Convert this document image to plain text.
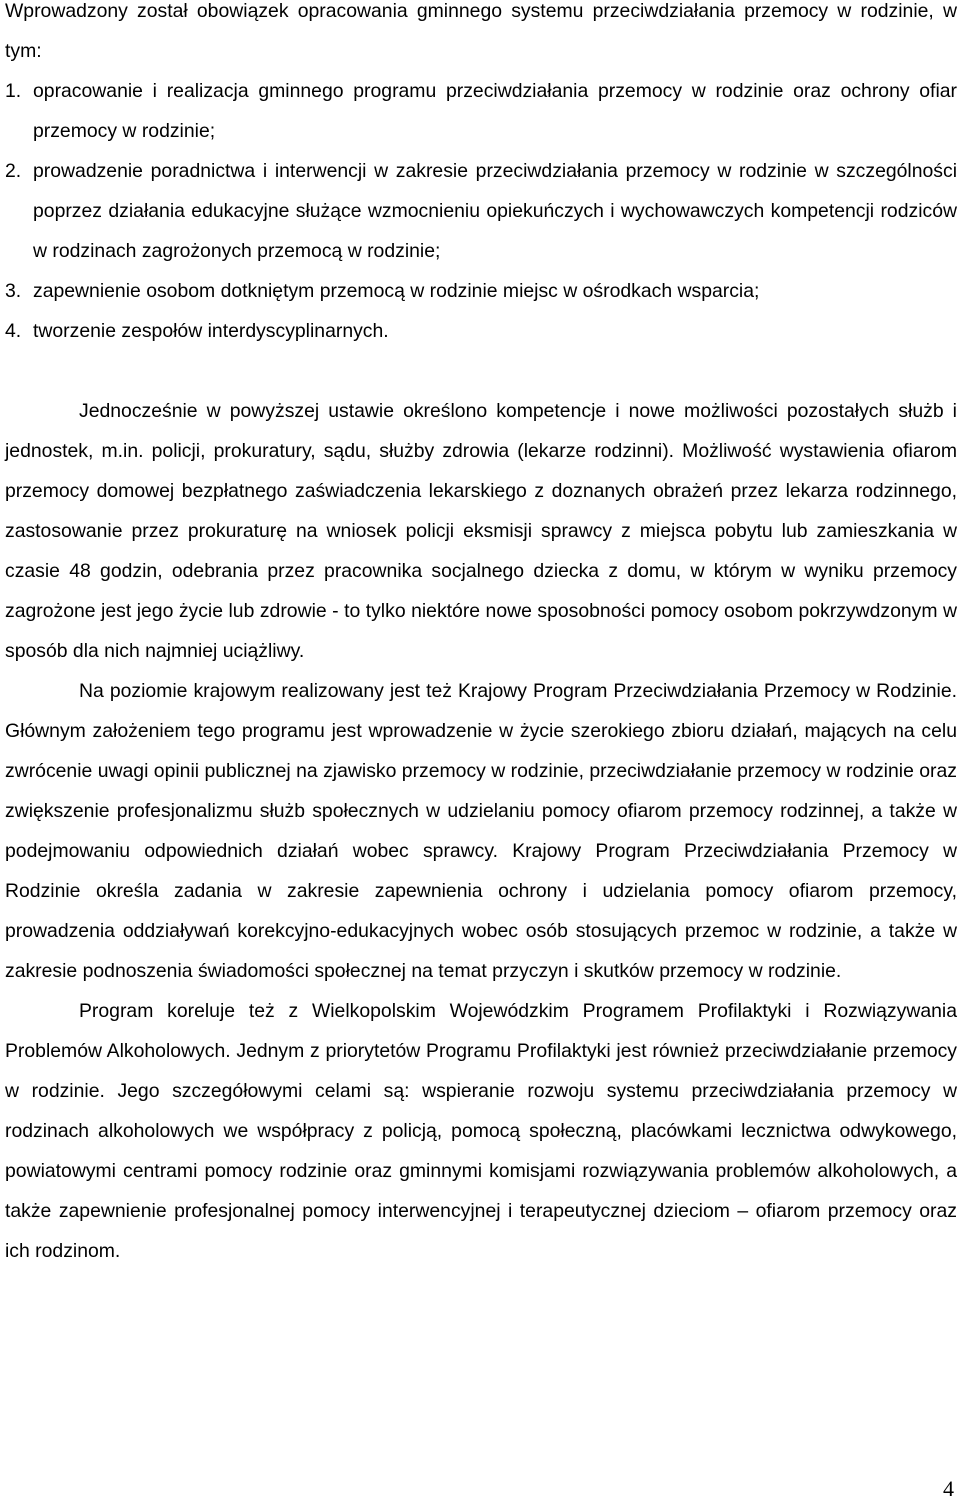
Wprowadzony został obowiązek opracowania gminnego systemu przeciwdziałania przemocy w rodzinie, w tym:

1. opracowanie i realizacja gminnego programu przeciwdziałania przemocy w rodzinie oraz ochrony ofiar przemocy w rodzinie;
2. prowadzenie poradnictwa i interwencji w zakresie przeciwdziałania przemocy w rodzinie w szczególności poprzez działania edukacyjne służące wzmocnieniu opiekuńczych i wychowawczych kompetencji rodziców w rodzinach zagrożonych przemocą w rodzinie;
3. zapewnienie osobom dotkniętym przemocą w rodzinie miejsc w ośrodkach wsparcia;
4. tworzenie zespołów interdyscyplinarnych.

Jednocześnie w powyższej ustawie określono kompetencje i nowe możliwości pozostałych służb i jednostek, m.in. policji, prokuratury, sądu, służby zdrowia (lekarze rodzinni). Możliwość wystawienia ofiarom przemocy domowej bezpłatnego zaświadczenia lekarskiego z doznanych obrażeń przez lekarza rodzinnego, zastosowanie przez prokuraturę na wniosek policji eksmisji sprawcy z miejsca pobytu lub zamieszkania w czasie 48 godzin, odebrania przez pracownika socjalnego dziecka z domu, w którym w wyniku przemocy zagrożone jest jego życie lub zdrowie - to tylko niektóre nowe sposobności pomocy osobom pokrzywdzonym w sposób dla nich najmniej uciążliwy.

Na poziomie krajowym realizowany jest też Krajowy Program Przeciwdziałania Przemocy w Rodzinie. Głównym założeniem tego programu jest wprowadzenie w życie szerokiego zbioru działań, mających na celu zwrócenie uwagi opinii publicznej na zjawisko przemocy w rodzinie, przeciwdziałanie przemocy w rodzinie oraz zwiększenie profesjonalizmu służb społecznych w udzielaniu pomocy ofiarom przemocy rodzinnej, a także w podejmowaniu odpowiednich działań wobec sprawcy. Krajowy Program Przeciwdziałania Przemocy w Rodzinie określa zadania w zakresie zapewnienia ochrony i udzielania pomocy ofiarom przemocy, prowadzenia oddziaływań korekcyjno-edukacyjnych wobec osób stosujących przemoc w rodzinie, a także w zakresie podnoszenia świadomości społecznej na temat przyczyn i skutków przemocy w rodzinie.

Program koreluje też z Wielkopolskim Wojewódzkim Programem Profilaktyki i Rozwiązywania Problemów Alkoholowych. Jednym z priorytetów Programu Profilaktyki jest również przeciwdziałanie przemocy w rodzinie. Jego szczegółowymi celami są: wspieranie rozwoju systemu przeciwdziałania przemocy w rodzinach alkoholowych we współpracy z policją, pomocą społeczną, placówkami lecznictwa odwykowego, powiatowymi centrami pomocy rodzinie oraz gminnymi komisjami rozwiązywania problemów alkoholowych, a także zapewnienie profesjonalnej pomocy interwencyjnej i terapeutycznej dzieciom – ofiarom przemocy oraz ich rodzinom.

4
